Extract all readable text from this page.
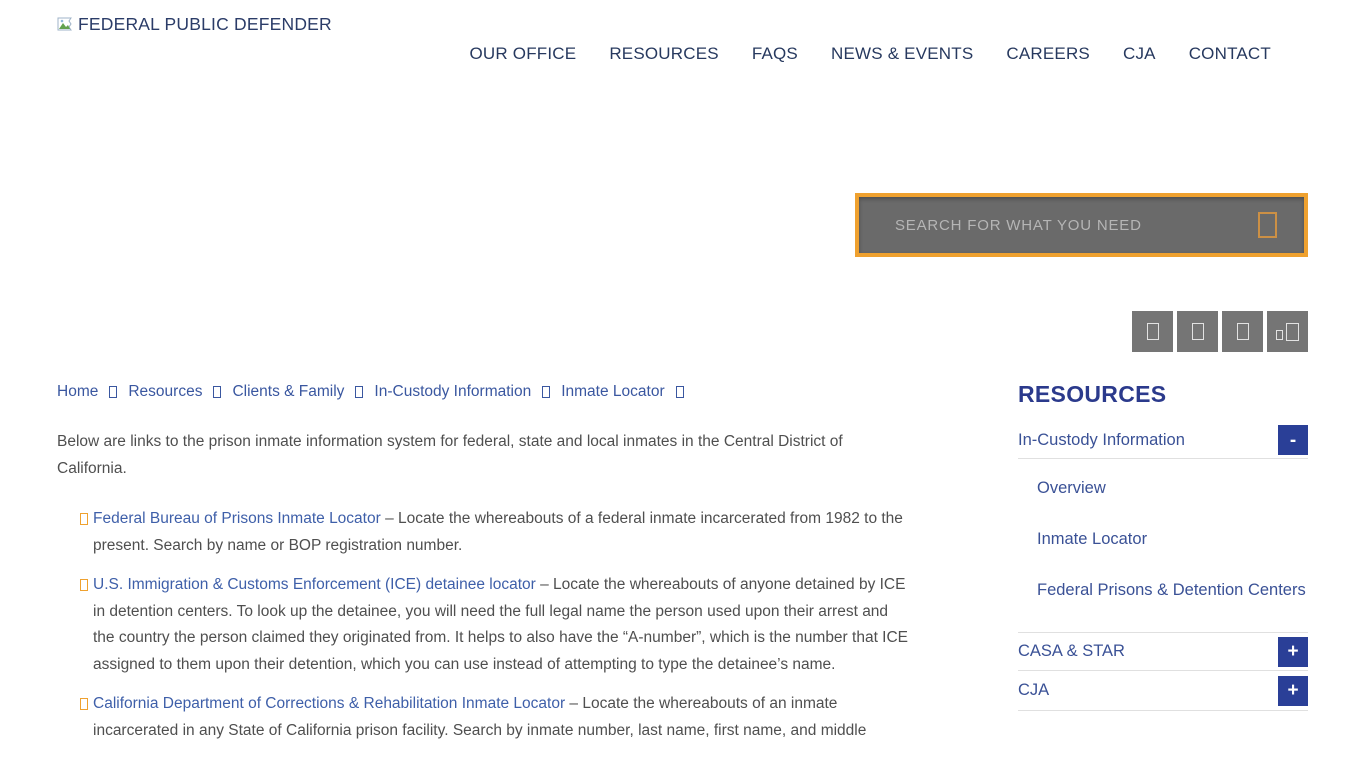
FEDERAL PUBLIC DEFENDER
OUR OFFICE RESOURCES FAQS NEWS & EVENTS CAREERS CJA CONTACT
SEARCH FOR WHAT YOU NEED
Home Resources Clients & Family In-Custody Information Inmate Locator

Below are links to the prison inmate information system for federal, state and local inmates in the Central District of California.

Federal Bureau of Prisons Inmate Locator – Locate the whereabouts of a federal inmate incarcerated from 1982 to the present. Search by name or BOP registration number.
U.S. Immigration & Customs Enforcement (ICE) detainee locator – Locate the whereabouts of anyone detained by ICE in detention centers. To look up the detainee, you will need the full legal name the person used upon their arrest and the country the person claimed they originated from. It helps to also have the “A-number”, which is the number that ICE assigned to them upon their detention, which you can use instead of attempting to type the detainee’s name.
California Department of Corrections & Rehabilitation Inmate Locator – Locate the whereabouts of an inmate incarcerated in any State of California prison facility. Search by inmate number, last name, first name, and middle
RESOURCES
In-Custody Information	-
Overview
Inmate Locator
Federal Prisons & Detention Centers
CASA & STAR	+
CJA	+
